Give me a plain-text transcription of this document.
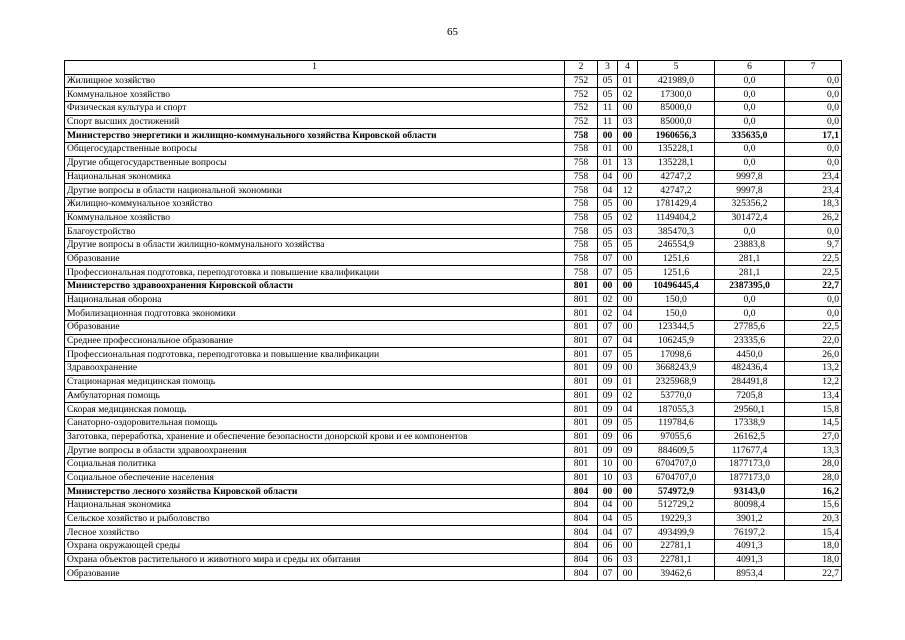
65
1	2	3	4	5	6	7
Жилищное хозяйство	752	05	01	421989,0	0,0	0,0
Коммунальное хозяйство	752	05	02	17300,0	0,0	0,0
Физическая культура и спорт	752	11	00	85000,0	0,0	0,0
Спорт высших достижений	752	11	03	85000,0	0,0	0,0
Министерство энергетики и жилищно-коммунального хозяйства Кировской области	758	00	00	1960656,3	335635,0	17,1
Общегосударственные вопросы	758	01	00	135228,1	0,0	0,0
Другие общегосударственные вопросы	758	01	13	135228,1	0,0	0,0
Национальная экономика	758	04	00	42747,2	9997,8	23,4
Другие вопросы в области национальной экономики	758	04	12	42747,2	9997,8	23,4
Жилищно-коммунальное хозяйство	758	05	00	1781429,4	325356,2	18,3
Коммунальное хозяйство	758	05	02	1149404,2	301472,4	26,2
Благоустройство	758	05	03	385470,3	0,0	0,0
Другие вопросы в области жилищно-коммунального хозяйства	758	05	05	246554,9	23883,8	9,7
Образование	758	07	00	1251,6	281,1	22,5
Профессиональная подготовка, переподготовка и повышение квалификации	758	07	05	1251,6	281,1	22,5
Министерство здравоохранения Кировской области	801	00	00	10496445,4	2387395,0	22,7
Национальная оборона	801	02	00	150,0	0,0	0,0
Мобилизационная подготовка экономики	801	02	04	150,0	0,0	0,0
Образование	801	07	00	123344,5	27785,6	22,5
Среднее профессиональное образование	801	07	04	106245,9	23335,6	22,0
Профессиональная подготовка, переподготовка и повышение квалификации	801	07	05	17098,6	4450,0	26,0
Здравоохранение	801	09	00	3668243,9	482436,4	13,2
Стационарная медицинская помощь	801	09	01	2325968,9	284491,8	12,2
Амбулаторная помощь	801	09	02	53770,0	7205,8	13,4
Скорая медицинская помощь	801	09	04	187055,3	29560,1	15,8
Санаторно-оздоровительная помощь	801	09	05	119784,6	17338,9	14,5
Заготовка, переработка, хранение и обеспечение безопасности донорской крови и ее компонентов	801	09	06	97055,6	26162,5	27,0
Другие вопросы в области здравоохранения	801	09	09	884609,5	117677,4	13,3
Социальная политика	801	10	00	6704707,0	1877173,0	28,0
Социальное обеспечение населения	801	10	03	6704707,0	1877173,0	28,0
Министерство лесного хозяйства Кировской области	804	00	00	574972,9	93143,0	16,2
Национальная экономика	804	04	00	512729,2	80098,4	15,6
Сельское хозяйство и рыболовство	804	04	05	19229,3	3901,2	20,3
Лесное хозяйство	804	04	07	493499,9	76197,2	15,4
Охрана окружающей среды	804	06	00	22781,1	4091,3	18,0
Охрана объектов растительного и животного мира и среды их обитания	804	06	03	22781,1	4091,3	18,0
Образование	804	07	00	39462,6	8953,4	22,7
